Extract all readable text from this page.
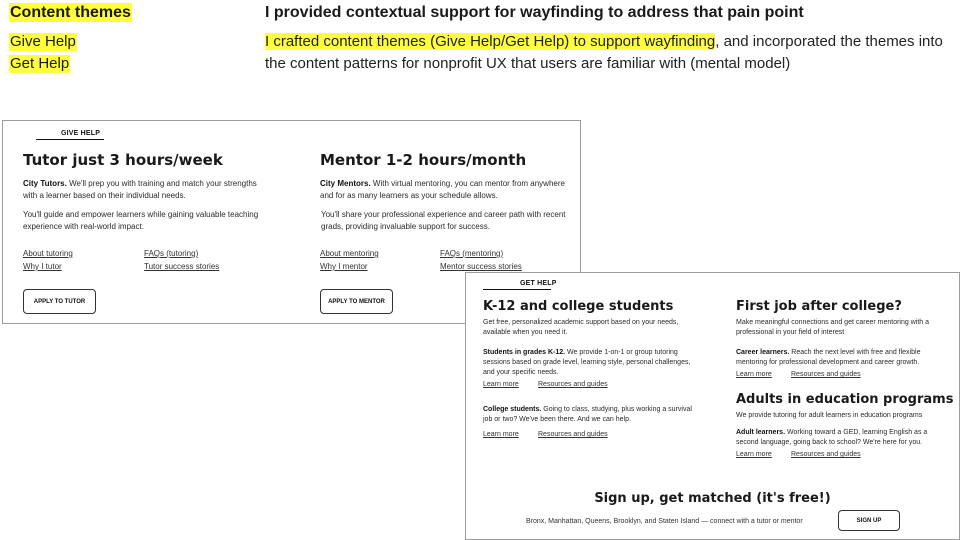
Content themes
Give Help
Get Help
I provided contextual support for wayfinding to address that pain point
I crafted content themes (Give Help/Get Help) to support wayfinding, and incorporated the themes into the content patterns for nonprofit UX that users are familiar with (mental model)
GIVE HELP
Tutor just 3 hours/week
City Tutors. We'll prep you with training and match your strengths with a learner based on their individual needs.
You'll guide and empower learners while gaining valuable teaching experience with real-world impact.
About tutoring	FAQs (tutoring)
Why I tutor	Tutor success stories
APPLY TO TUTOR
Mentor 1-2 hours/month
City Mentors. With virtual mentoring, you can mentor from anywhere and for as many learners as your schedule allows.
You'll share your professional experience and career path with recent grads, providing invaluable support for success.
About mentoring	FAQs (mentoring)
Why I mentor	Mentor success stories
APPLY TO MENTOR
GET HELP
K-12 and college students
Get free, personalized academic support based on your needs, available when you need it.
Students in grades K-12. We provide 1-on-1 or group tutoring sessions based on grade level, learning style, personal challenges, and your specific needs.
Learn more	Resources and guides
College students. Going to class, studying, plus working a survival job or two? We've been there. And we can help.
Learn more	Resources and guides
First job after college?
Make meaningful connections and get career mentoring with a professional in your field of interest
Career learners. Reach the next level with free and flexible mentoring for professional development and career growth.
Learn more	Resources and guides
Adults in education programs
We provide tutoring for adult learners in education programs
Adult learners. Working toward a GED, learning English as a second language, going back to school? We're here for you.
Learn more	Resources and guides
Sign up, get matched (it's free!)
Bronx, Manhattan, Queens, Brooklyn, and Staten Island — connect with a tutor or mentor	SIGN UP
